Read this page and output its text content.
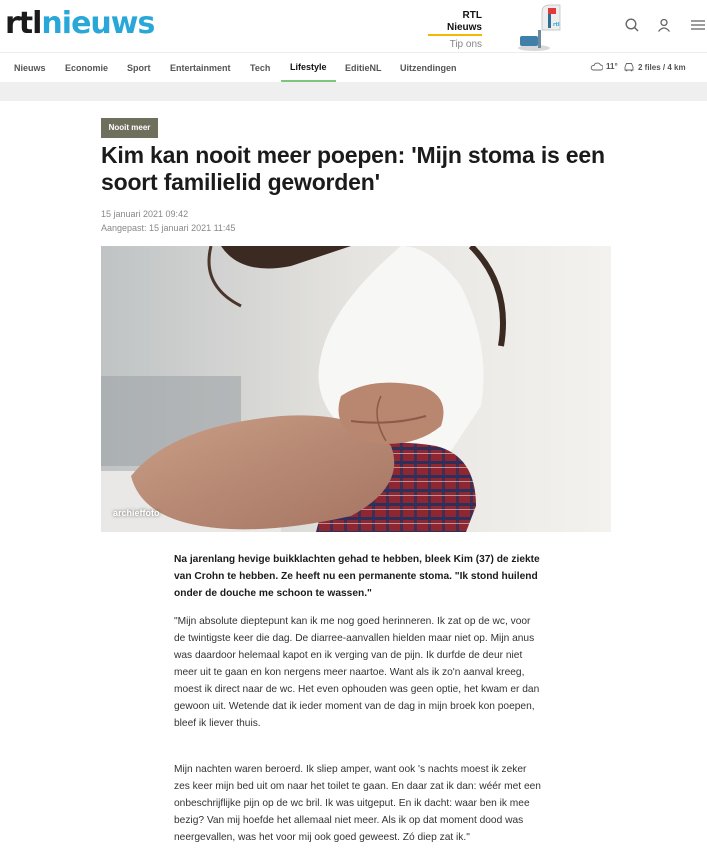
rtlnieuws	RTL Nieuws
Tip ons
rtl
Nieuws Economie Sport Entertainment Tech	Lifestyle	EditieNL Uitzendingen	11°	2 files / 4 km
Nooit meer
Kim kan nooit meer poepen: 'Mijn stoma is een soort familielid geworden'
15 januari 2021 09:42
Aangepast: 15 januari 2021 11:45
archieffoto

Na jarenlang hevige buikklachten gehad te hebben, bleek Kim (37) de ziekte van Crohn te hebben. Ze heeft nu een permanente stoma. "Ik stond huilend onder de douche me schoon te wassen."

"Mijn absolute dieptepunt kan ik me nog goed herinneren. Ik zat op de wc, voor de twintigste keer die dag. De diarree-aanvallen hielden maar niet op. Mijn anus was daardoor helemaal kapot en ik verging van de pijn. Ik durfde de deur niet meer uit te gaan en kon nergens meer naartoe. Want als ik zo'n aanval kreeg, moest ik direct naar de wc. Het even ophouden was geen optie, het kwam er dan gewoon uit. Wetende dat ik ieder moment van de dag in mijn broek kon poepen, bleef ik liever thuis.

Mijn nachten waren beroerd. Ik sliep amper, want ook 's nachts moest ik zeker zes keer mijn bed uit om naar het toilet te gaan. En daar zat ik dan: wéér met een onbeschrijflijke pijn op de wc bril. Ik was uitgeput. En ik dacht: waar ben ik mee bezig? Van mij hoefde het allemaal niet meer. Als ik op dat moment dood was neergevallen, was het voor mij ook goed geweest. Zó diep zat ik."
